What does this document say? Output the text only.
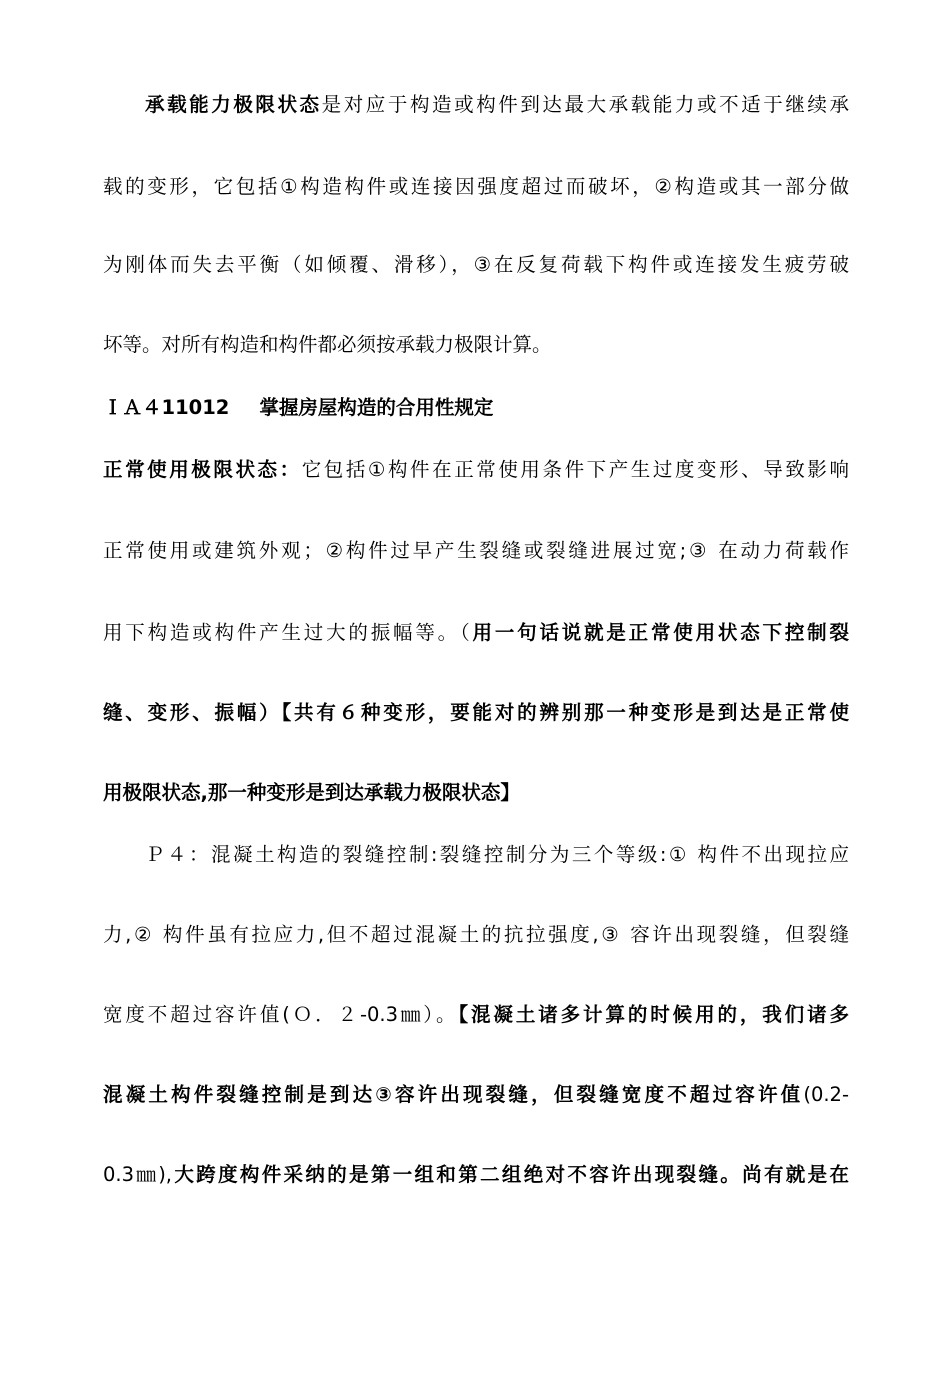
承载能力极限状态是对应于构造或构件到达最大承载能力或不适于继续承
载的变形，它包括①构造构件或连接因强度超过而破坏，②构造或其一部分做
为刚体而失去平衡（如倾覆、滑移），③在反复荷载下构件或连接发生疲劳破
坏等。对所有构造和构件都必须按承载力极限计算。
ＩＡ４11012 掌握房屋构造的合用性规定
正常使用极限状态：它包括①构件在正常使用条件下产生过度变形、导致影响
正常使用或建筑外观；②构件过早产生裂缝或裂缝进展过宽;③ 在动力荷载作
用下构造或构件产生过大的振幅等。（用一句话说就是正常使用状态下控制裂
缝、变形、振幅）【共有６种变形，要能对的辨别那一种变形是到达是正常使
用极限状态,那一种变形是到达承载力极限状态】
Ｐ４：混凝土构造的裂缝控制:裂缝控制分为三个等级:① 构件不出现拉应
力,② 构件虽有拉应力,但不超过混凝土的抗拉强度,③ 容许出现裂缝，但裂缝
宽度不超过容许值(Ｏ．２-0.3㎜）。【混凝土诸多计算的时候用的，我们诸多
混凝土构件裂缝控制是到达③容许出现裂缝，但裂缝宽度不超过容许值(0.2-
0.3㎜),大跨度构件采纳的是第一组和第二组绝对不容许出现裂缝。尚有就是在
